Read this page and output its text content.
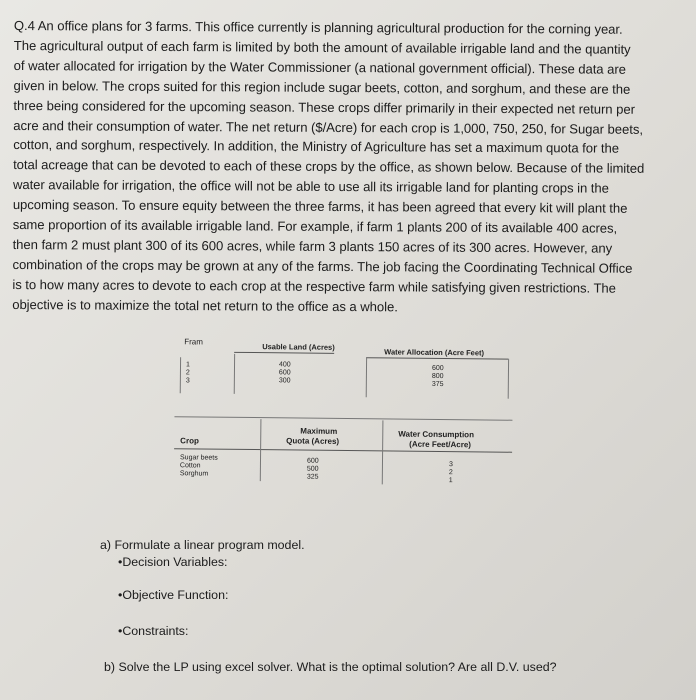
Q.4 An office plans for 3 farms. This office currently is planning agricultural production for the corning year.
The agricultural output of each farm is limited by both the amount of available irrigable land and the quantity
of water allocated for irrigation by the Water Commissioner (a national government official). These data are
given in below. The crops suited for this region include sugar beets, cotton, and sorghum, and these are the
three being considered for the upcoming season. These crops differ primarily in their expected net return per
acre and their consumption of water. The net return ($/Acre) for each crop is 1,000, 750, 250, for Sugar beets,
cotton, and sorghum, respectively. In addition, the Ministry of Agriculture has set a maximum quota for the
total acreage that can be devoted to each of these crops by the office, as shown below. Because of the limited
water available for irrigation, the office will not be able to use all its irrigable land for planting crops in the
upcoming season. To ensure equity between the three farms, it has been agreed that every kit will plant the
same proportion of its available irrigable land. For example, if farm 1 plants 200 of its available 400 acres,
then farm 2 must plant 300 of its 600 acres, while farm 3 plants 150 acres of its 300 acres. However, any
combination of the crops may be grown at any of the farms. The job facing the Coordinating Technical Office
is to how many acres to devote to each crop at the respective farm while satisfying given restrictions. The
objective is to maximize the total net return to the office as a whole.
Fram
Usable Land (Acres)
Water Allocation (Acre Feet)
1
2
3
400
600
300
600
800
375
Crop
Maximum
Quota (Acres)
Water Consumption
(Acre Feet/Acre)
Sugar beets
Cotton
Sorghum
600
500
325
3
2
1
a) Formulate a linear program model.
•Decision Variables:
•Objective Function:
•Constraints:
b) Solve the LP using excel solver. What is the optimal solution? Are all D.V. used?
